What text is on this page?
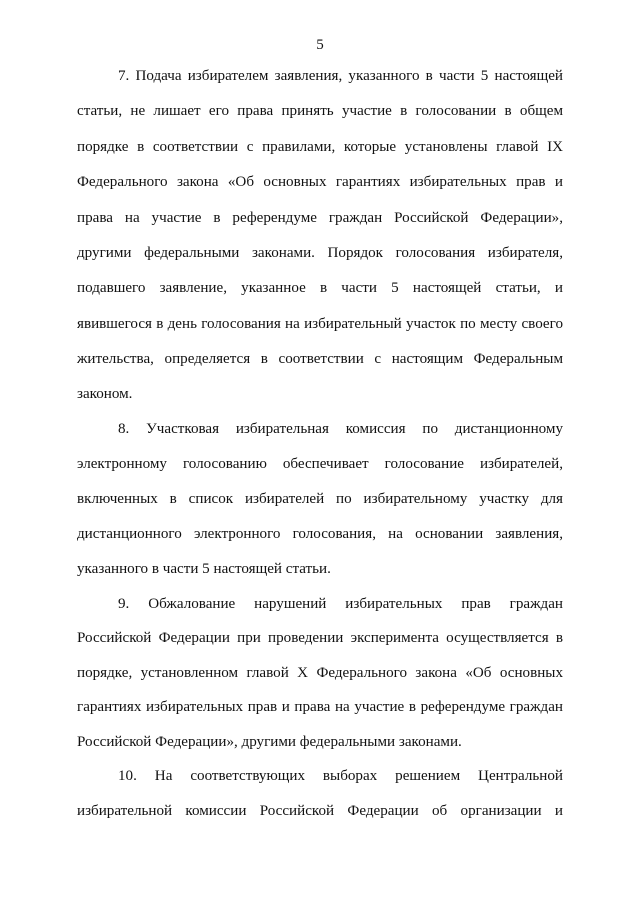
5

7. Подача избирателем заявления, указанного в части 5 настоящей

статьи, не лишает его права принять участие в голосовании в общем

порядке в соответствии с правилами, которые установлены главой IX

Федерального закона «Об основных гарантиях избирательных прав и

права на участие в референдуме граждан Российской Федерации»,

другими федеральными законами. Порядок голосования избирателя,

подавшего заявление, указанное в части 5 настоящей статьи, и

явившегося в день голосования на избирательный участок по месту своего

жительства, определяется в соответствии с настоящим Федеральным

законом.

8. Участковая избирательная комиссия по дистанционному

электронному голосованию обеспечивает голосование избирателей,

включенных в список избирателей по избирательному участку для

дистанционного электронного голосования, на основании заявления,

указанного в части 5 настоящей статьи.

9. Обжалование нарушений избирательных прав граждан

Российской Федерации при проведении эксперимента осуществляется в

порядке, установленном главой X Федерального закона «Об основных

гарантиях избирательных прав и права на участие в референдуме граждан

Российской Федерации», другими федеральными законами.

10. На соответствующих выборах решением Центральной

избирательной комиссии Российской Федерации об организации и
